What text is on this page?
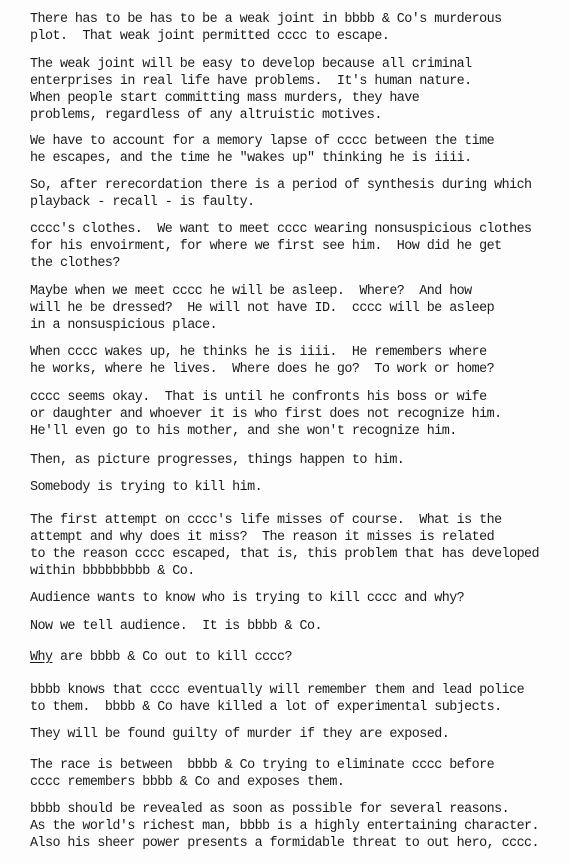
There has to be has to be a weak joint in bbbb & Co's murderous
plot.  That weak joint permitted cccc to escape.

The weak joint will be easy to develop because all criminal
enterprises in real life have problems.  It's human nature.
When people start committing mass murders, they have
problems, regardless of any altruistic motives.

We have to account for a memory lapse of cccc between the time
he escapes, and the time he "wakes up" thinking he is iiii.

So, after rerecordation there is a period of synthesis during which
playback - recall - is faulty.

cccc's clothes.  We want to meet cccc wearing nonsuspicious clothes
for his envoirment, for where we first see him.  How did he get
the clothes?

Maybe when we meet cccc he will be asleep.  Where?  And how
will he be dressed?  He will not have ID.  cccc will be asleep
in a nonsuspicious place.

When cccc wakes up, he thinks he is iiii.  He remembers where
he works, where he lives.  Where does he go?  To work or home?

cccc seems okay.  That is until he confronts his boss or wife
or daughter and whoever it is who first does not recognize him.
He'll even go to his mother, and she won't recognize him.

Then, as picture progresses, things happen to him.

Somebody is trying to kill him.

The first attempt on cccc's life misses of course.  What is the
attempt and why does it miss?  The reason it misses is related
to the reason cccc escaped, that is, this problem that has developed
within bbbbbbbbb & Co.

Audience wants to know who is trying to kill cccc and why?

Now we tell audience.  It is bbbb & Co.

Why are bbbb & Co out to kill cccc?

bbbb knows that cccc eventually will remember them and lead police
to them.  bbbb & Co have killed a lot of experimental subjects.

They will be found guilty of murder if they are exposed.

The race is between  bbbb & Co trying to eliminate cccc before
cccc remembers bbbb & Co and exposes them.

bbbb should be revealed as soon as possible for several reasons.
As the world's richest man, bbbb is a highly entertaining character.
Also his sheer power presents a formidable threat to out hero, cccc.
